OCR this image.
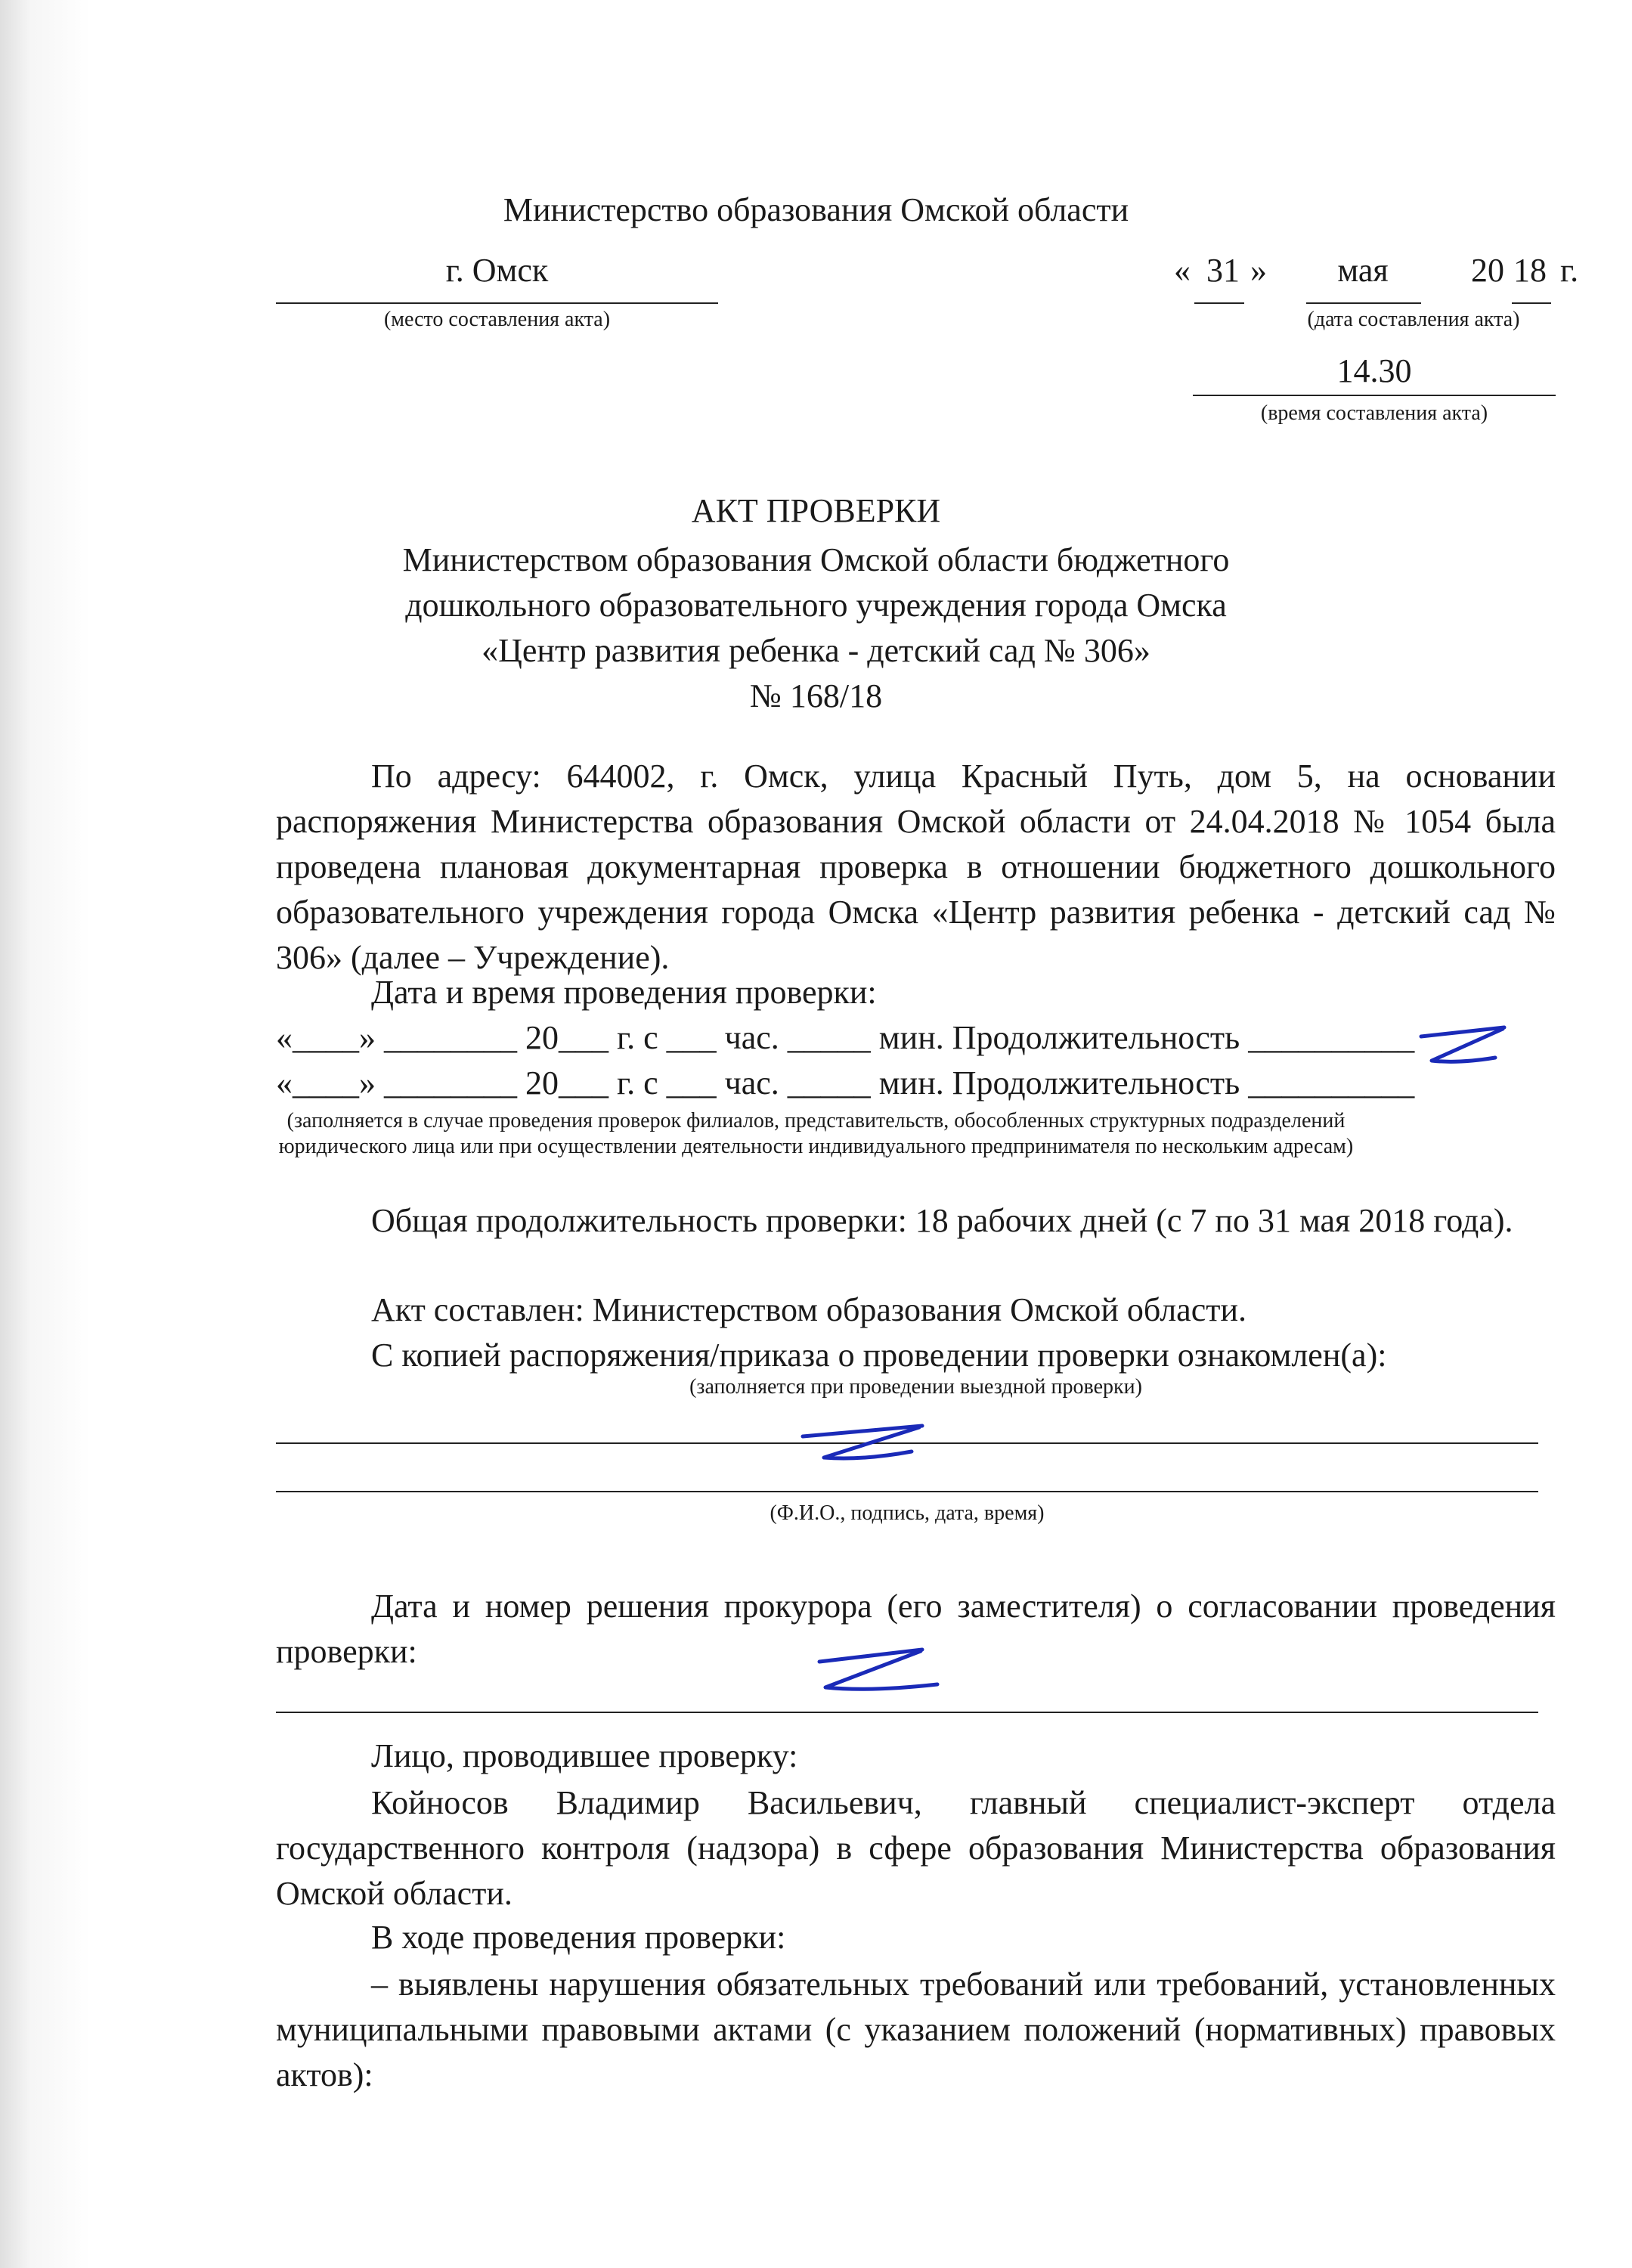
Министерство образования Омской области
г. Омск
(место составления акта)
« 31 »	мая	20 18 г.
(дата составления акта)
14.30
(время составления акта)
АКТ ПРОВЕРКИ
Министерством образования Омской области бюджетного
дошкольного образовательного учреждения города Омска
«Центр развития ребенка - детский сад № 306»
№ 168/18
По адресу: 644002, г. Омск, улица Красный Путь, дом 5, на основании распоряжения Министерства образования Омской области от 24.04.2018 № 1054 была проведена плановая документарная проверка в отношении бюджетного дошкольного образовательного учреждения города Омска «Центр развития ребенка - детский сад № 306» (далее – Учреждение).
Дата и время проведения проверки:
«____» ________ 20___ г. с ___ час. _____ мин. Продолжительность __________
«____» ________ 20___ г. с ___ час. _____ мин. Продолжительность __________
(заполняется в случае проведения проверок филиалов, представительств, обособленных структурных подразделений
юридического лица или при осуществлении деятельности индивидуального предпринимателя по нескольким адресам)
Общая продолжительность проверки: 18 рабочих дней (с 7 по 31 мая 2018 года).
Акт составлен: Министерством образования Омской области.
С копией распоряжения/приказа о проведении проверки ознакомлен(а):
(заполняется при проведении выездной проверки)
(Ф.И.О., подпись, дата, время)
Дата и номер решения прокурора (его заместителя) о согласовании проведения проверки:
Лицо, проводившее проверку:
Койносов Владимир Васильевич, главный специалист-эксперт отдела государственного контроля (надзора) в сфере образования Министерства образования Омской области.
В ходе проведения проверки:
– выявлены нарушения обязательных требований или требований, установленных муниципальными правовыми актами (с указанием положений (нормативных) правовых актов):
